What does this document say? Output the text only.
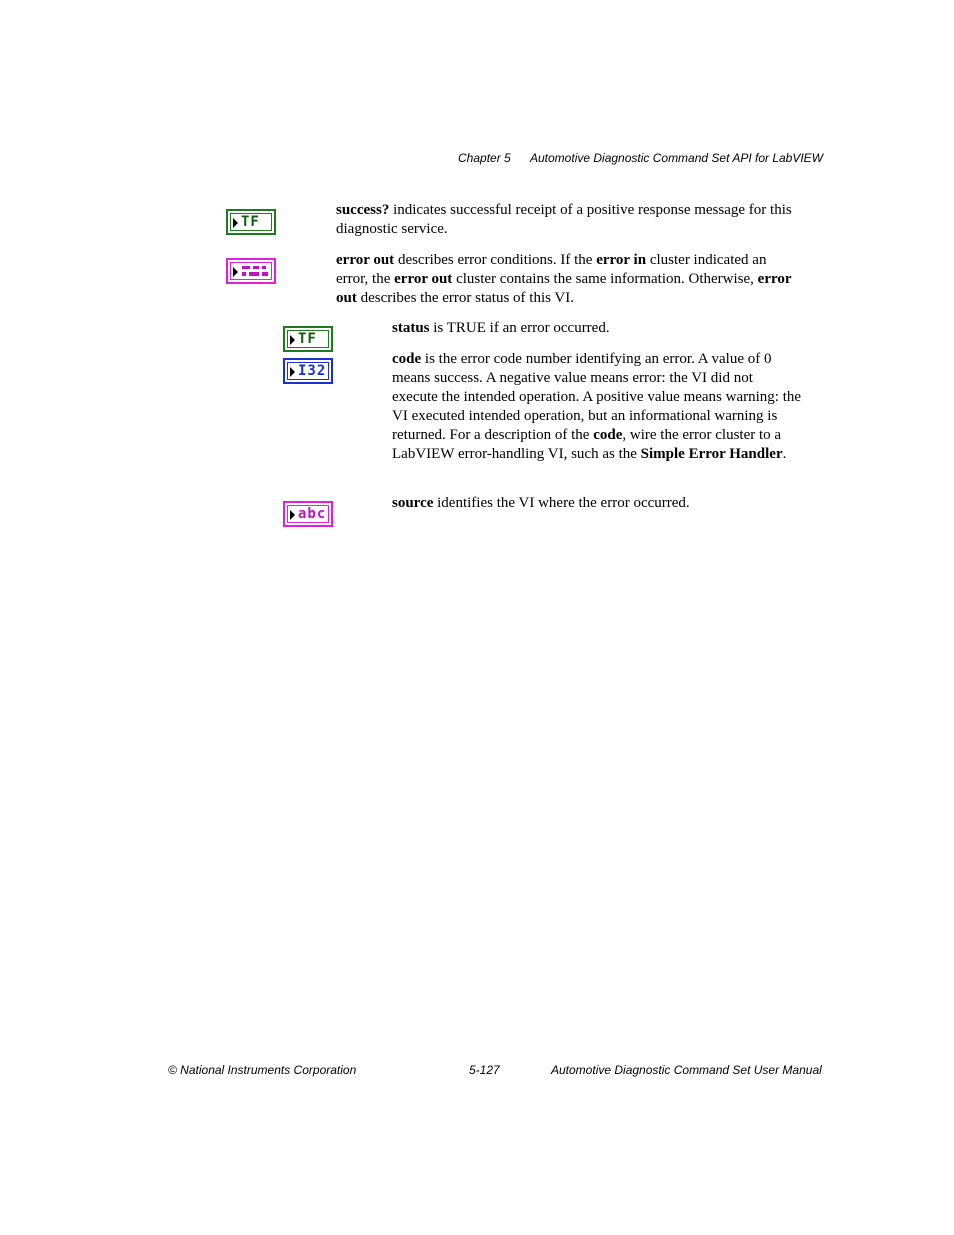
Chapter 5 Automotive Diagnostic Command Set API for LabVIEW
TF
success? indicates successful receipt of a positive response message for this diagnostic service.
error out describes error conditions. If the error in cluster indicated an error, the error out cluster contains the same information. Otherwise, error out describes the error status of this VI.
TF
status is TRUE if an error occurred.
I32
code is the error code number identifying an error. A value of 0 means success. A negative value means error: the VI did not execute the intended operation. A positive value means warning: the VI executed intended operation, but an informational warning is returned. For a description of the code, wire the error cluster to a LabVIEW error-handling VI, such as the Simple Error Handler.
abc
source identifies the VI where the error occurred.
© National Instruments Corporation	5-127	Automotive Diagnostic Command Set User Manual
